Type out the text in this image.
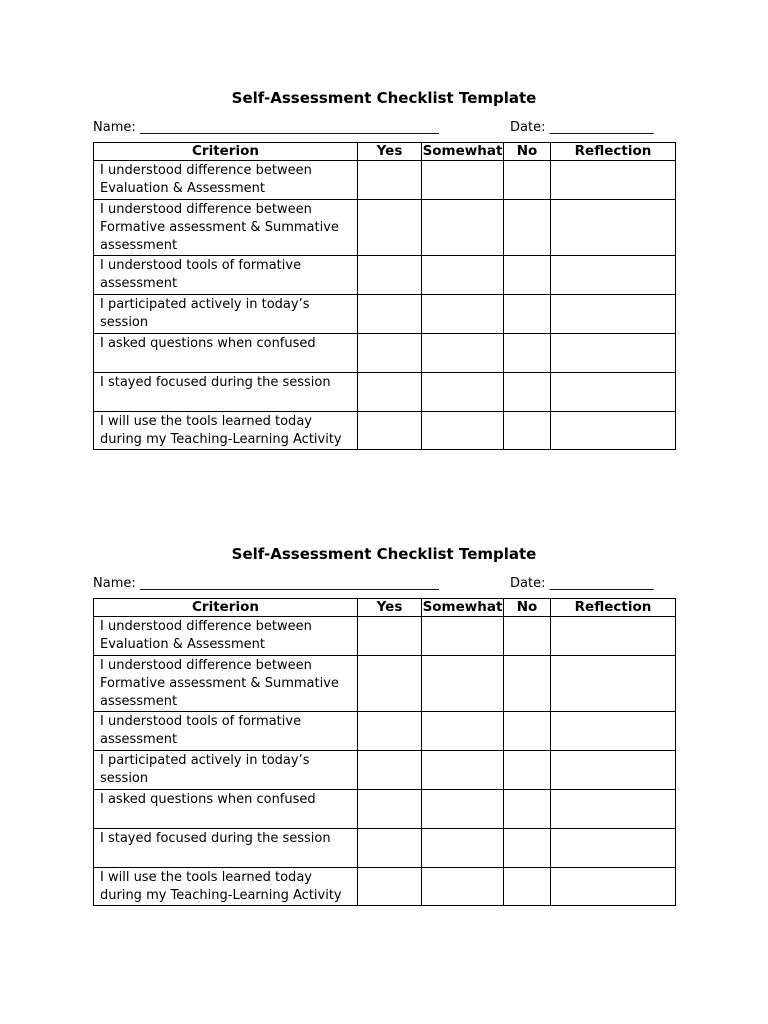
Self-Assessment Checklist Template
Name: ______________________________________________	Date: ________________
Criterion	Yes	Somewhat	No	Reflection
I understood difference between Evaluation & Assessment				
I understood difference between Formative assessment & Summative assessment				
I understood tools of formative assessment				
I participated actively in today’s session				
I asked questions when confused				
I stayed focused during the session				
I will use the tools learned today during my Teaching-Learning Activity				
Self-Assessment Checklist Template
Name: ______________________________________________	Date: ________________
Criterion	Yes	Somewhat	No	Reflection
I understood difference between Evaluation & Assessment				
I understood difference between Formative assessment & Summative assessment				
I understood tools of formative assessment				
I participated actively in today’s session				
I asked questions when confused				
I stayed focused during the session				
I will use the tools learned today during my Teaching-Learning Activity				
